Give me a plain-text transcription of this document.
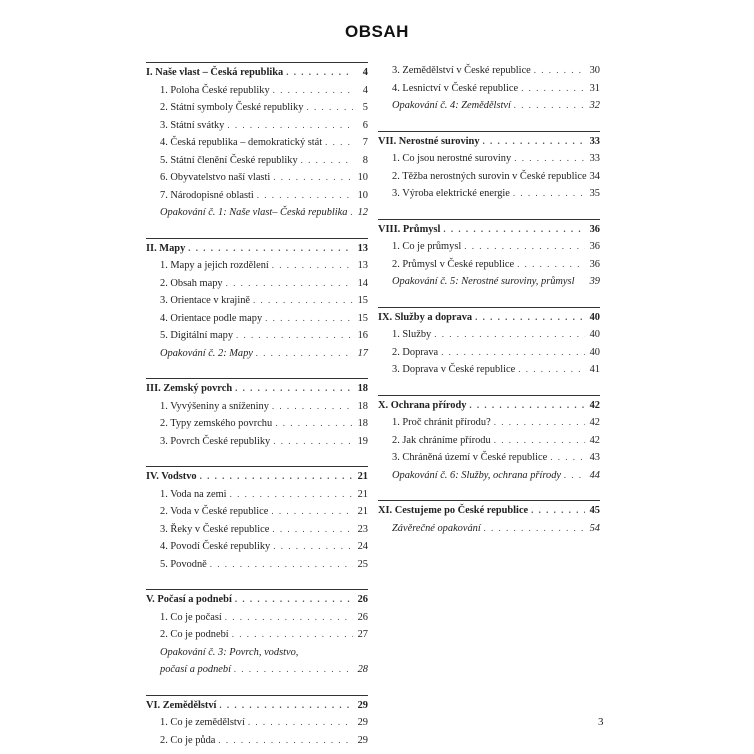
OBSAH
I. Naše vlast – Česká republika . . .	4
1. Poloha České republiky . . .	4
2. Státní symboly České republiky . . .	5
3. Státní svátky . . .	6
4. Česká republika – demokratický stát . . .	7
5. Státní členění České republiky . . .	8
6. Obyvatelstvo naší vlasti . . .	10
7. Národopisné oblasti . . .	10
Opakování č. 1: Naše vlast– Česká republika . . . 12
II. Mapy . . .	13
1. Mapy a jejich rozdělení . . .	13
2. Obsah mapy . . .	14
3. Orientace v krajině . . .	15
4. Orientace podle mapy . . .	15
5. Digitální mapy . . .	16
Opakování č. 2: Mapy . . .	17
III. Zemský povrch . . .	18
1. Vyvýšeniny a sníženiny . . .	18
2. Typy zemského povrchu . . .	18
3. Povrch České republiky . . .	19
IV. Vodstvo . . .	21
1. Voda na zemi . . .	21
2. Voda v České republice . . .	21
3. Řeky v České republice . . .	23
4. Povodí České republiky . . .	24
5. Povodně . . .	25
V. Počasí a podnebí . . .	26
1. Co je počasí . . .	26
2. Co je podnebí . . .	27
Opakování č. 3: Povrch, vodstvo,
počasí a podnebí . . .	28
VI. Zemědělství . . .	29
1. Co je zemědělství . . .	29
2. Co je půda . . .	29
3. Zemědělství v České republice . . .	30
4. Lesnictví v České republice . . .	31
Opakování č. 4: Zemědělství . . .	32
VII. Nerostné suroviny . . .	33
1. Co jsou nerostné suroviny . . .	33
2. Těžba nerostných surovin v České republice 34
3. Výroba elektrické energie . . .	35
VIII. Průmysl . . .	36
1. Co je průmysl . . .	36
2. Průmysl v České republice . . .	36
Opakování č. 5: Nerostné suroviny, průmysl 39
IX. Služby a doprava . . .	40
1. Služby . . .	40
2. Doprava . . .	40
3. Doprava v České republice . . .	41
X. Ochrana přírody . . .	42
1. Proč chránit přírodu? . . .	42
2. Jak chráníme přírodu . . .	42
3. Chráněná území v České republice . . .	43
Opakování č. 6: Služby, ochrana přírody . . .	44
XI. Cestujeme po České republice . . .	45
Závěrečné opakování . . .	54
3
